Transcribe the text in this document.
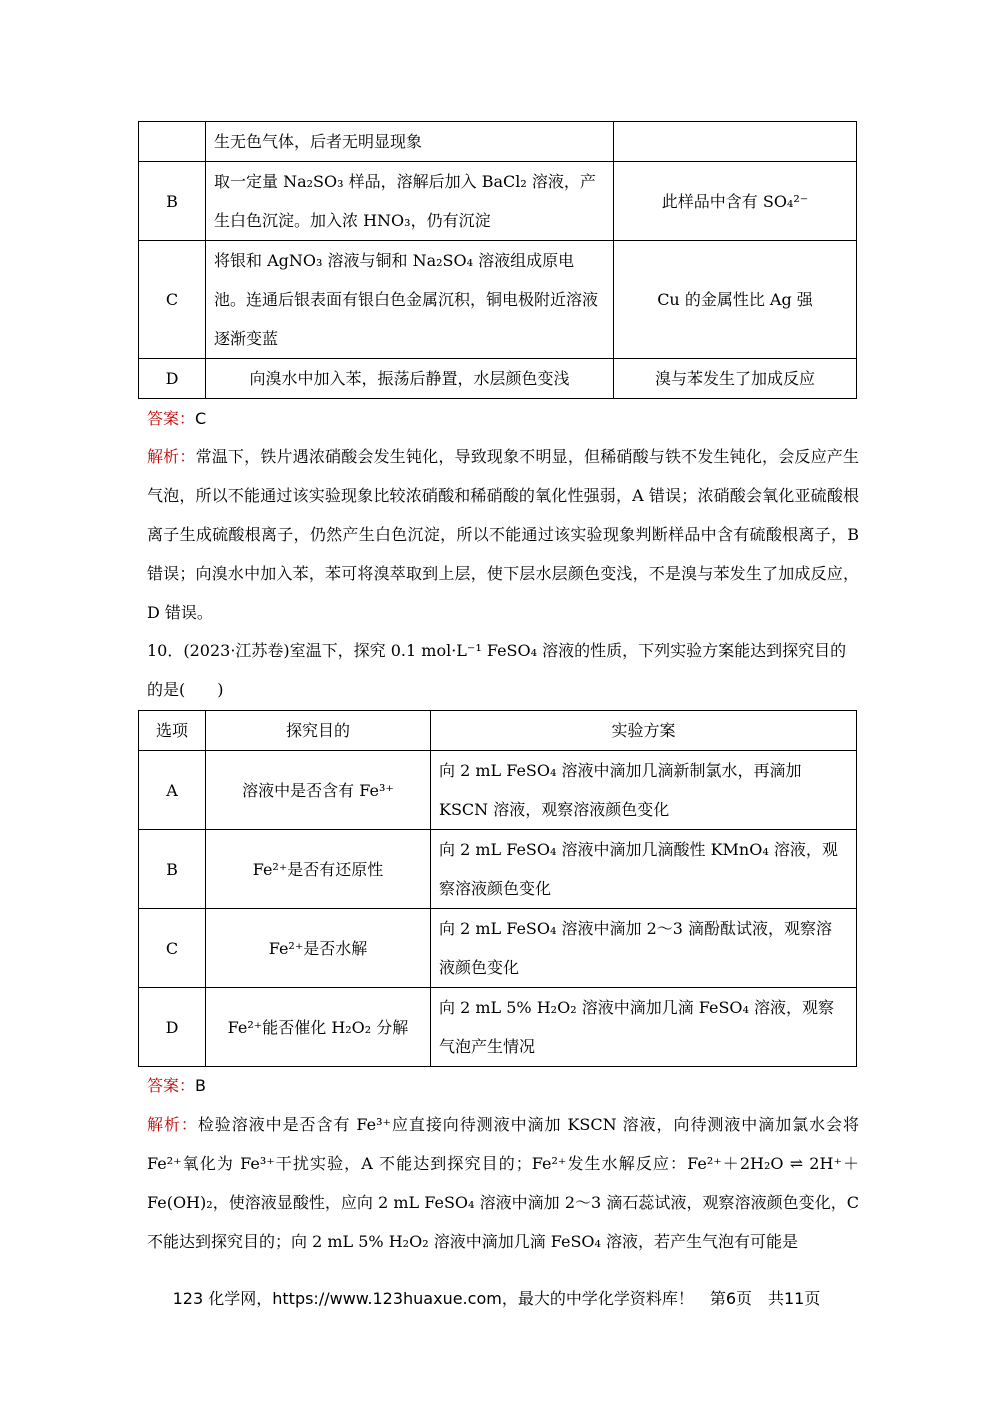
	生无色气体，后者无明显现象	
B	取一定量 Na₂SO₃ 样品，溶解后加入 BaCl₂ 溶液，产生白色沉淀。加入浓 HNO₃，仍有沉淀	此样品中含有 SO₄²⁻
C	将银和 AgNO₃ 溶液与铜和 Na₂SO₄ 溶液组成原电池。连通后银表面有银白色金属沉积，铜电极附近溶液逐渐变蓝	Cu 的金属性比 Ag 强
D	向溴水中加入苯，振荡后静置，水层颜色变浅	溴与苯发生了加成反应
答案：C
解析：常温下，铁片遇浓硝酸会发生钝化，导致现象不明显，但稀硝酸与铁不发生钝化，会反应产生气泡，所以不能通过该实验现象比较浓硝酸和稀硝酸的氧化性强弱，A 错误；浓硝酸会氧化亚硫酸根离子生成硫酸根离子，仍然产生白色沉淀，所以不能通过该实验现象判断样品中含有硫酸根离子，B 错误；向溴水中加入苯，苯可将溴萃取到上层，使下层水层颜色变浅，不是溴与苯发生了加成反应，D 错误。
10．(2023·江苏卷)室温下，探究 0.1 mol·L⁻¹ FeSO₄ 溶液的性质，下列实验方案能达到探究目的的是(　　)
选项	探究目的	实验方案
A	溶液中是否含有 Fe³⁺	向 2 mL FeSO₄ 溶液中滴加几滴新制氯水，再滴加 KSCN 溶液，观察溶液颜色变化
B	Fe²⁺是否有还原性	向 2 mL FeSO₄ 溶液中滴加几滴酸性 KMnO₄ 溶液，观察溶液颜色变化
C	Fe²⁺是否水解	向 2 mL FeSO₄ 溶液中滴加 2～3 滴酚酞试液，观察溶液颜色变化
D	Fe²⁺能否催化 H₂O₂ 分解	向 2 mL 5% H₂O₂ 溶液中滴加几滴 FeSO₄ 溶液，观察气泡产生情况
答案：B
解析：检验溶液中是否含有 Fe³⁺应直接向待测液中滴加 KSCN 溶液，向待测液中滴加氯水会将 Fe²⁺氧化为 Fe³⁺干扰实验，A 不能达到探究目的；Fe²⁺发生水解反应：Fe²⁺＋2H₂O ⇌ 2H⁺＋Fe(OH)₂，使溶液显酸性，应向 2 mL FeSO₄ 溶液中滴加 2～3 滴石蕊试液，观察溶液颜色变化，C 不能达到探究目的；向 2 mL 5% H₂O₂ 溶液中滴加几滴 FeSO₄ 溶液，若产生气泡有可能是
123 化学网，https://www.123huaxue.com，最大的中学化学资料库！　第6页　共11页
